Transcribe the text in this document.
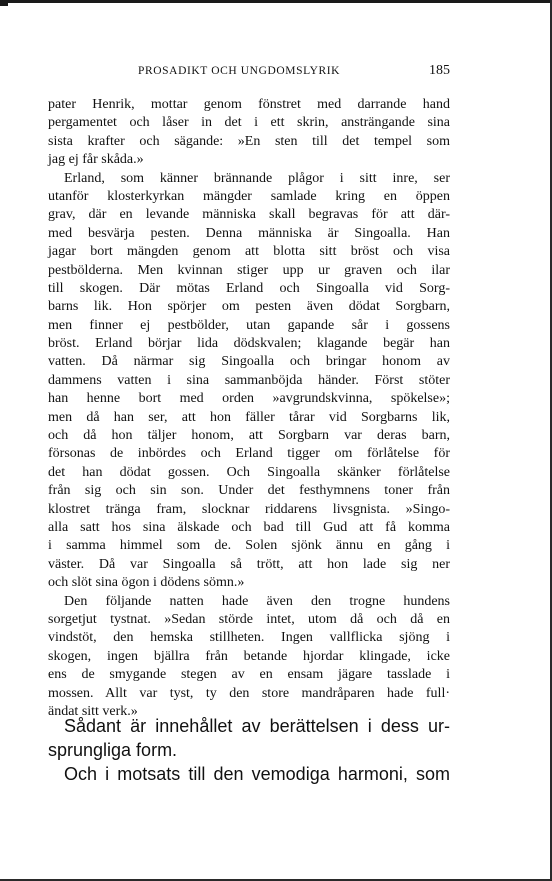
PROSADIKT OCH UNGDOMSLYRIK	185
pater Henrik, mottar genom fönstret med darrande hand
pergamentet och låser in det i ett skrin, ansträngande sina
sista krafter och sägande: »En sten till det tempel som
jag ej får skåda.»
Erland, som känner brännande plågor i sitt inre, ser
utanför klosterkyrkan mängder samlade kring en öppen
grav, där en levande människa skall begravas för att där-
med besvärja pesten. Denna människa är Singoalla. Han
jagar bort mängden genom att blotta sitt bröst och visa
pestbölderna. Men kvinnan stiger upp ur graven och ilar
till skogen. Där mötas Erland och Singoalla vid Sorg-
barns lik. Hon spörjer om pesten även dödat Sorgbarn,
men finner ej pestbölder, utan gapande sår i gossens
bröst. Erland börjar lida dödskvalen; klagande begär han
vatten. Då närmar sig Singoalla och bringar honom av
dammens vatten i sina sammanböjda händer. Först stöter
han henne bort med orden »avgrundskvinna, spökelse»;
men då han ser, att hon fäller tårar vid Sorgbarns lik,
och då hon täljer honom, att Sorgbarn var deras barn,
försonas de inbördes och Erland tigger om förlåtelse för
det han dödat gossen. Och Singoalla skänker förlåtelse
från sig och sin son. Under det festhymnens toner från
klostret tränga fram, slocknar riddarens livsgnista. »Singo-
alla satt hos sina älskade och bad till Gud att få komma
i samma himmel som de. Solen sjönk ännu en gång i
väster. Då var Singoalla så trött, att hon lade sig ner
och slöt sina ögon i dödens sömn.»
Den följande natten hade även den trogne hundens
sorgetjut tystnat. »Sedan störde intet, utom då och då en
vindstöt, den hemska stillheten. Ingen vallflicka sjöng i
skogen, ingen bjällra från betande hjordar klingade, icke
ens de smygande stegen av en ensam jägare tasslade i
mossen. Allt var tyst, ty den store mandråparen hade full·
ändat sitt verk.»
Sådant är innehållet av berättelsen i dess ur-
sprungliga form.
Och i motsats till den vemodiga harmoni, som
